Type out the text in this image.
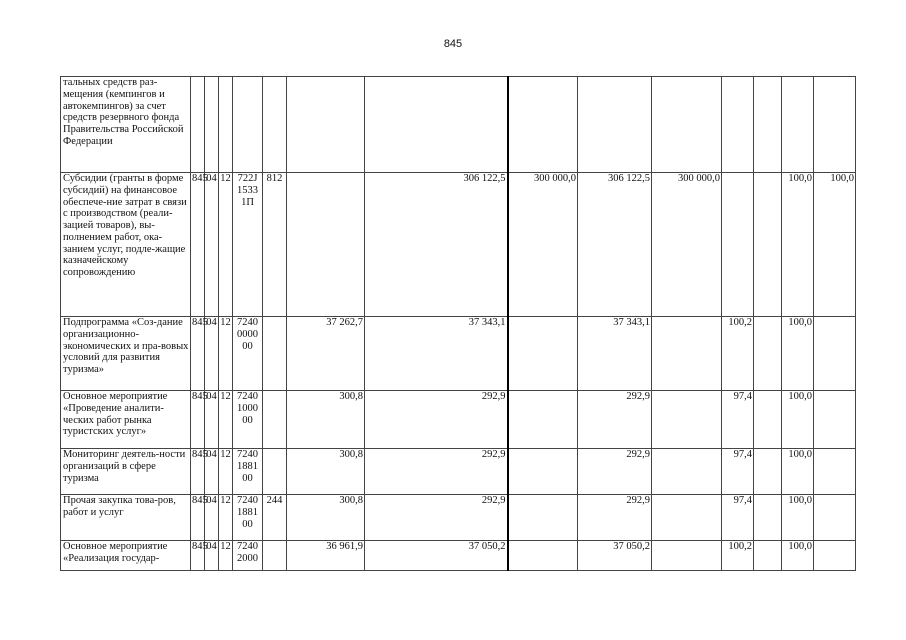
845
тальных средств раз-мещения (кемпингов и автокемпингов) за счет средств резервного фонда Правительства Российской Федерации														
Субсидии (гранты в форме субсидий) на финансовое обеспече-ние затрат в связи с производством (реали-зацией товаров), вы-полнением работ, ока-занием услуг, подле-жащие казначейскому сопровождению	845	04	12	722J 1533 1П	812		306 122,5	300 000,0	306 122,5	300 000,0			100,0	100,0
Подпрограмма «Соз-дание организационно-экономических и пра-вовых условий для развития туризма»	845	04	12	7240 0000 00		37 262,7	37 343,1		37 343,1		100,2		100,0	
Основное мероприятие «Проведение аналити-ческих работ рынка туристских услуг»	845	04	12	7240 1000 00		300,8	292,9		292,9		97,4		100,0	
Мониторинг деятель-ности организаций в сфере туризма	845	04	12	7240 1881 00		300,8	292,9		292,9		97,4		100,0	
Прочая закупка това-ров, работ и услуг	845	04	12	7240 1881 00	244	300,8	292,9		292,9		97,4		100,0	
Основное мероприятие «Реализация государ-	845	04	12	7240 2000		36 961,9	37 050,2		37 050,2		100,2		100,0	
